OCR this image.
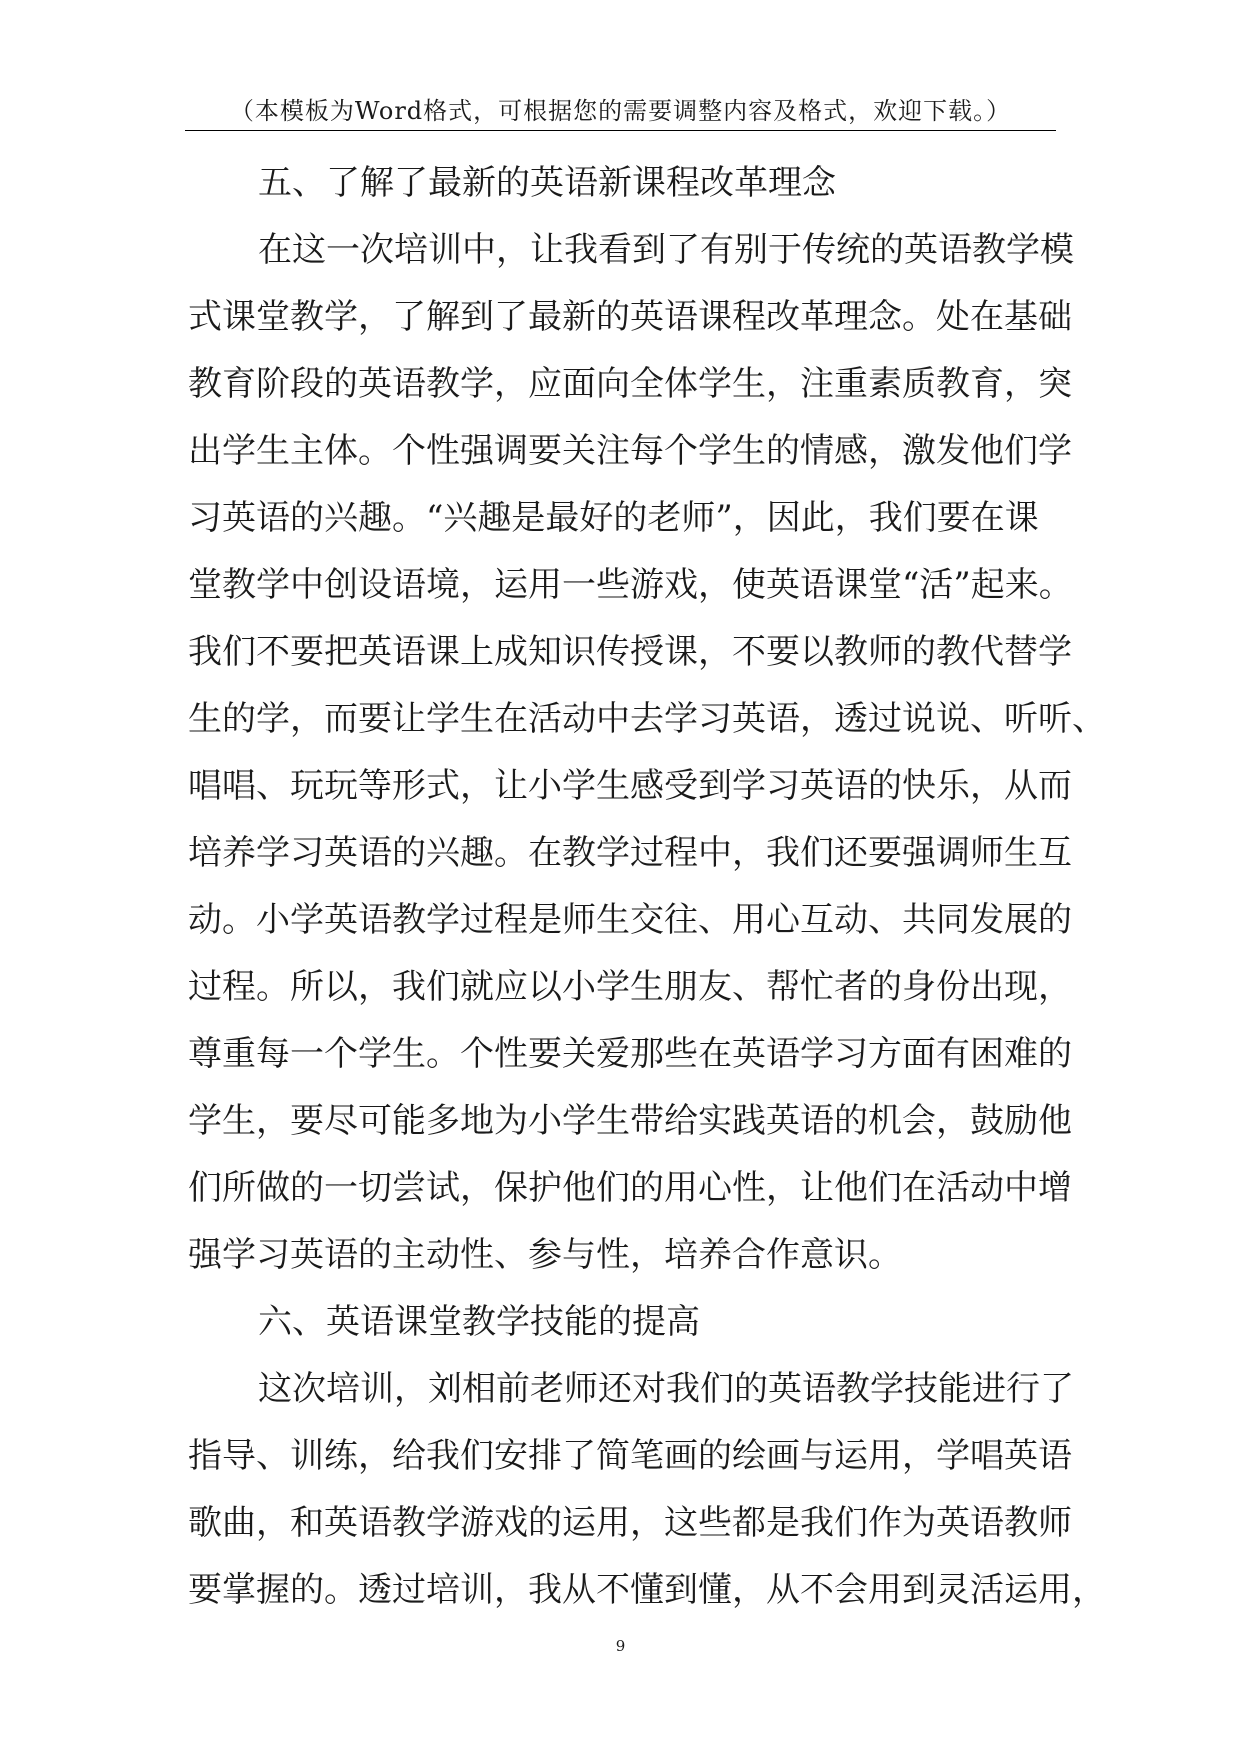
（本模板为Word格式，可根据您的需要调整内容及格式，欢迎下载。）
五、了解了最新的英语新课程改革理念
在这一次培训中，让我看到了有别于传统的英语教学模
式课堂教学，了解到了最新的英语课程改革理念。处在基础
教育阶段的英语教学，应面向全体学生，注重素质教育，突
出学生主体。个性强调要关注每个学生的情感，激发他们学
习英语的兴趣。“兴趣是最好的老师”，因此，我们要在课
堂教学中创设语境，运用一些游戏，使英语课堂“活”起来。
我们不要把英语课上成知识传授课，不要以教师的教代替学
生的学，而要让学生在活动中去学习英语，透过说说、听听、
唱唱、玩玩等形式，让小学生感受到学习英语的快乐，从而
培养学习英语的兴趣。在教学过程中，我们还要强调师生互
动。小学英语教学过程是师生交往、用心互动、共同发展的
过程。所以，我们就应以小学生朋友、帮忙者的身份出现，
尊重每一个学生。个性要关爱那些在英语学习方面有困难的
学生，要尽可能多地为小学生带给实践英语的机会，鼓励他
们所做的一切尝试，保护他们的用心性，让他们在活动中增
强学习英语的主动性、参与性，培养合作意识。
六、英语课堂教学技能的提高
这次培训，刘相前老师还对我们的英语教学技能进行了
指导、训练，给我们安排了简笔画的绘画与运用，学唱英语
歌曲，和英语教学游戏的运用，这些都是我们作为英语教师
要掌握的。透过培训，我从不懂到懂，从不会用到灵活运用，
9
